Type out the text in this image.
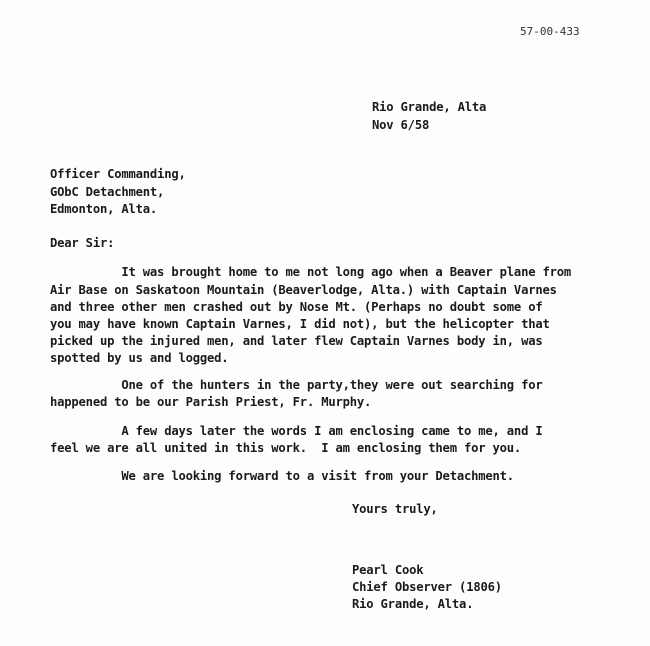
57-00-433
Rio Grande, Alta
Nov 6/58
Officer Commanding,
GObC Detachment,
Edmonton, Alta.
Dear Sir:
It was brought home to me not long ago when a Beaver plane from
Air Base on Saskatoon Mountain (Beaverlodge, Alta.) with Captain Varnes
and three other men crashed out by Nose Mt. (Perhaps no doubt some of
you may have known Captain Varnes, I did not), but the helicopter that
picked up the injured men, and later flew Captain Varnes body in, was
spotted by us and logged.
One of the hunters in the party,they were out searching for
happened to be our Parish Priest, Fr. Murphy.
A few days later the words I am enclosing came to me, and I
feel we are all united in this work.  I am enclosing them for you.
We are looking forward to a visit from your Detachment.
Yours truly,
Pearl Cook
Chief Observer (1806)
Rio Grande, Alta.
